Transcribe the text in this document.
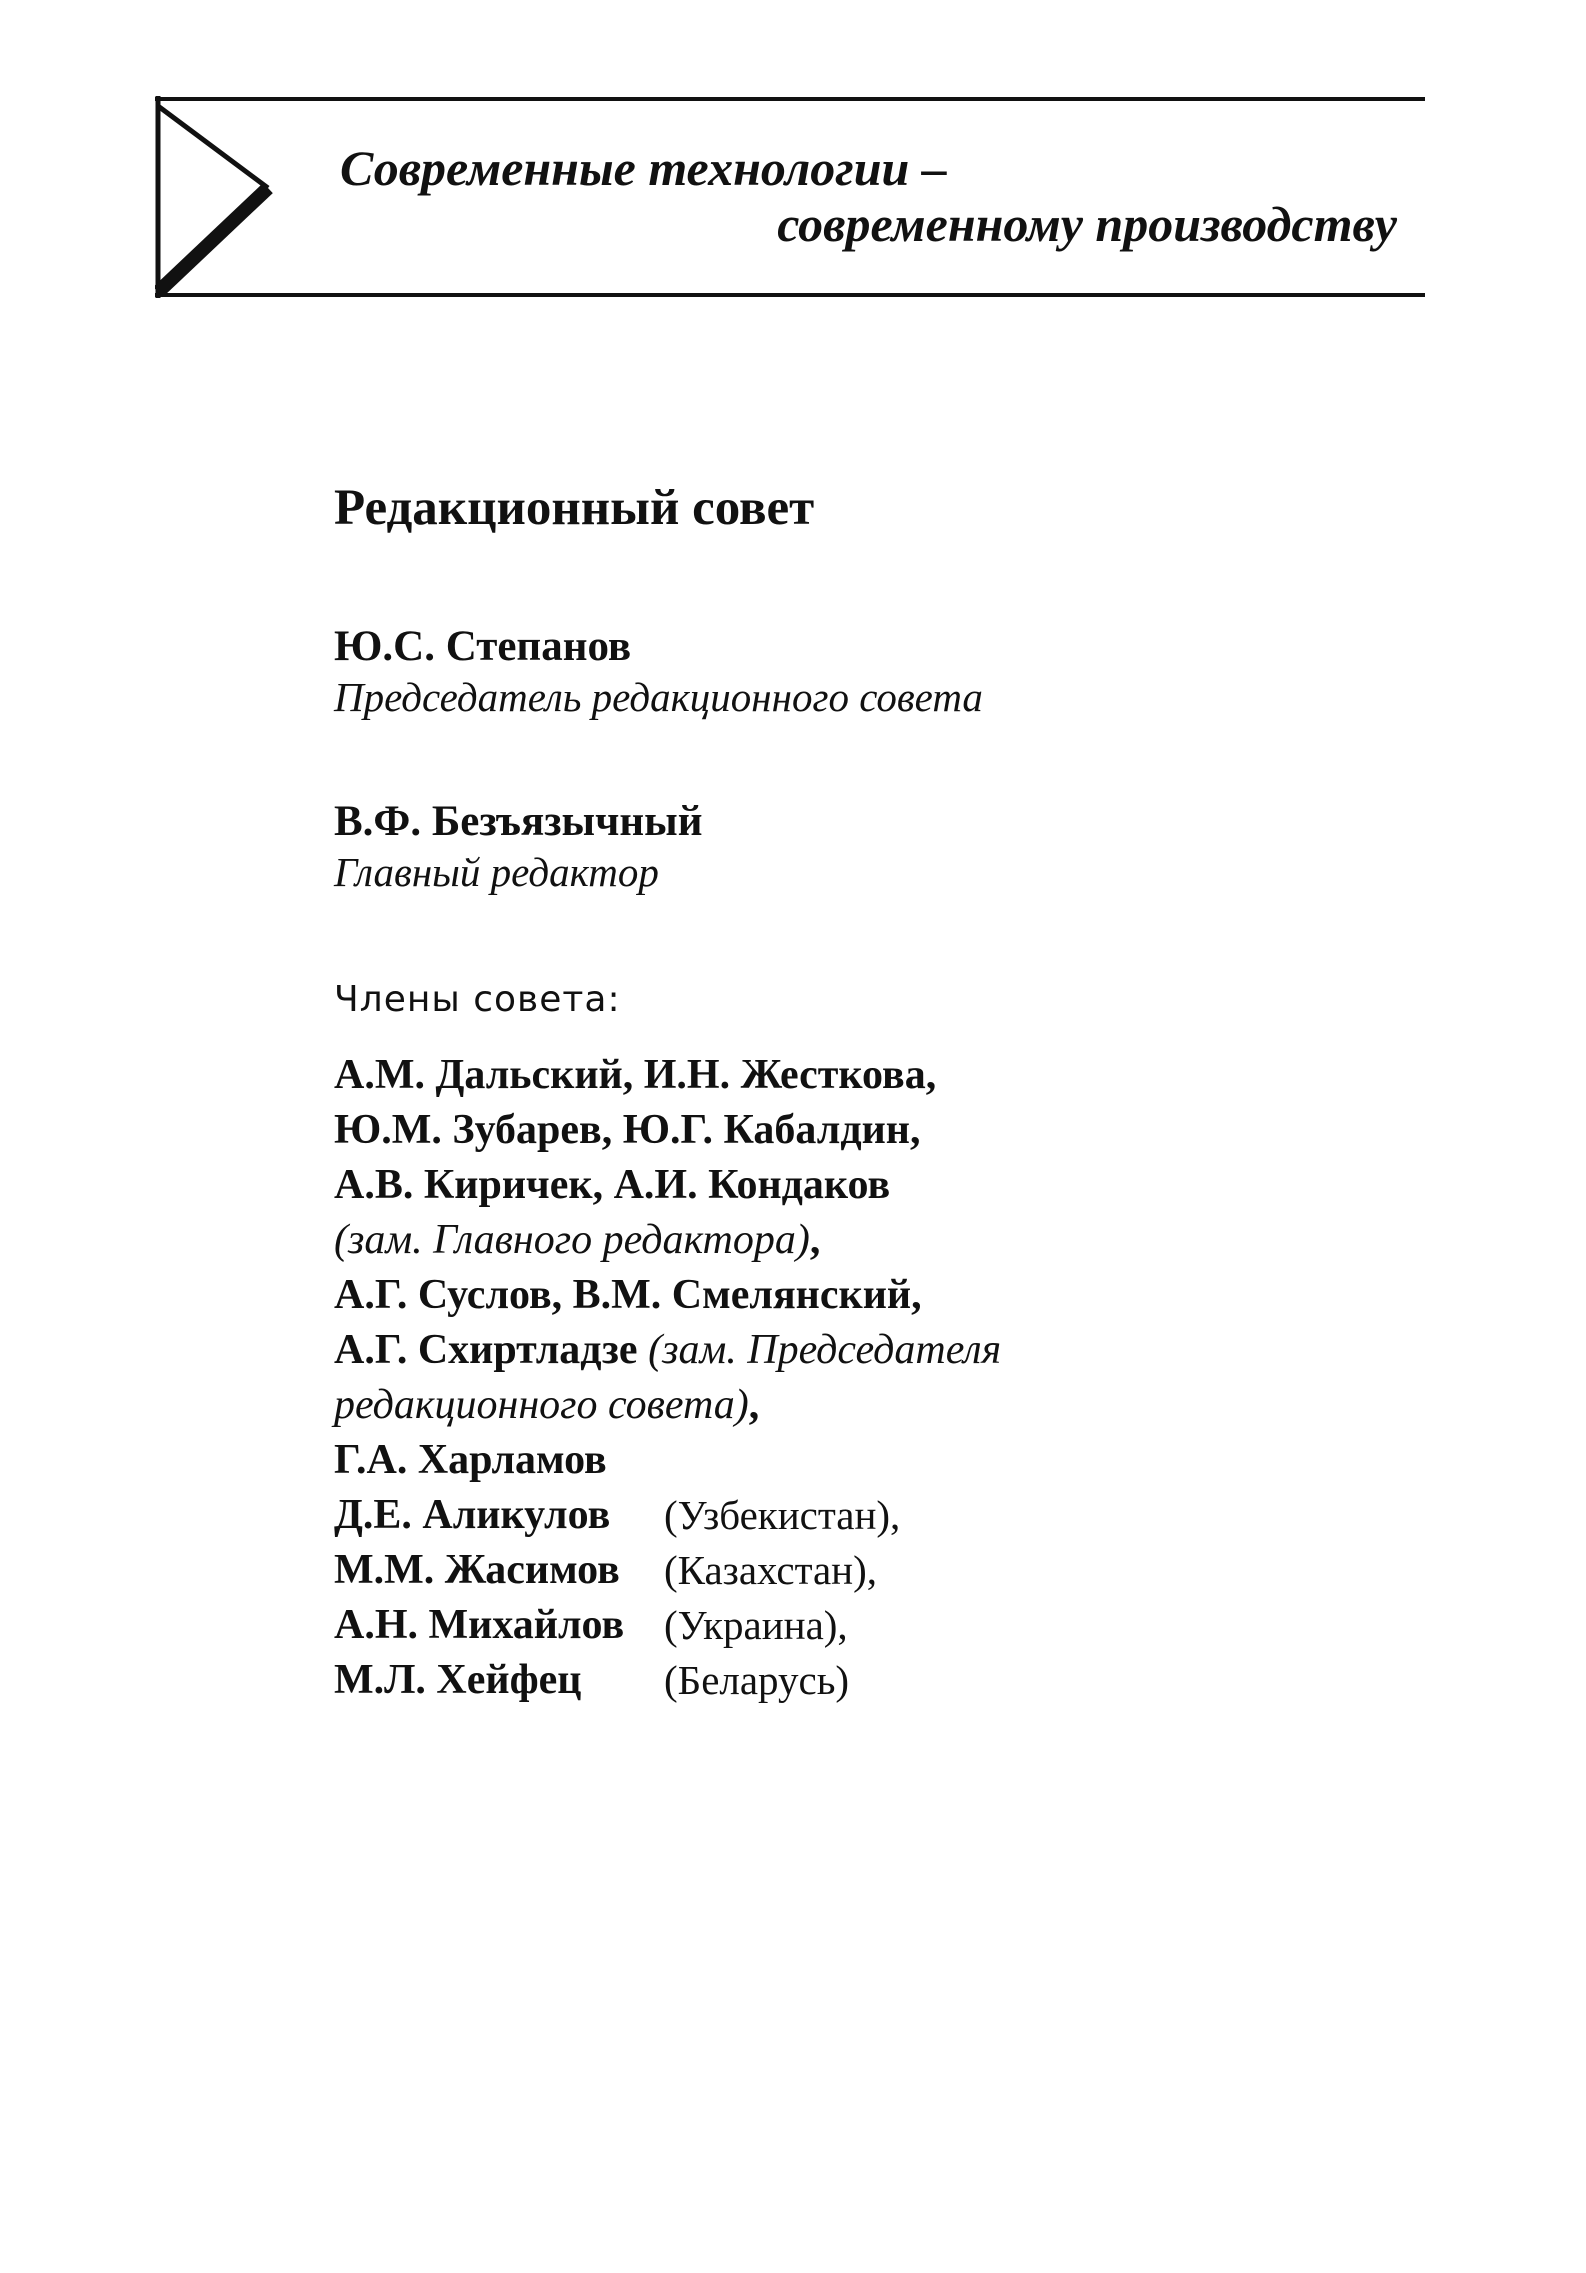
Современные технологии –
современному производству
Редакционный совет
Ю.С. Степанов
Председатель редакционного совета
В.Ф. Безъязычный
Главный редактор
Члены совета:
А.М. Дальский, И.Н. Жесткова,
Ю.М. Зубарев, Ю.Г. Кабалдин,
А.В. Киричек, А.И. Кондаков
(зам. Главного редактора),
А.Г. Суслов, В.М. Смелянский,
А.Г. Схиртладзе (зам. Председателя
редакционного совета),
Г.А. Харламов
Д.Е. Аликулов	(Узбекистан),
М.М. Жасимов	(Казахстан),
А.Н. Михайлов (Украина),
М.Л. Хейфец	(Беларусь)
